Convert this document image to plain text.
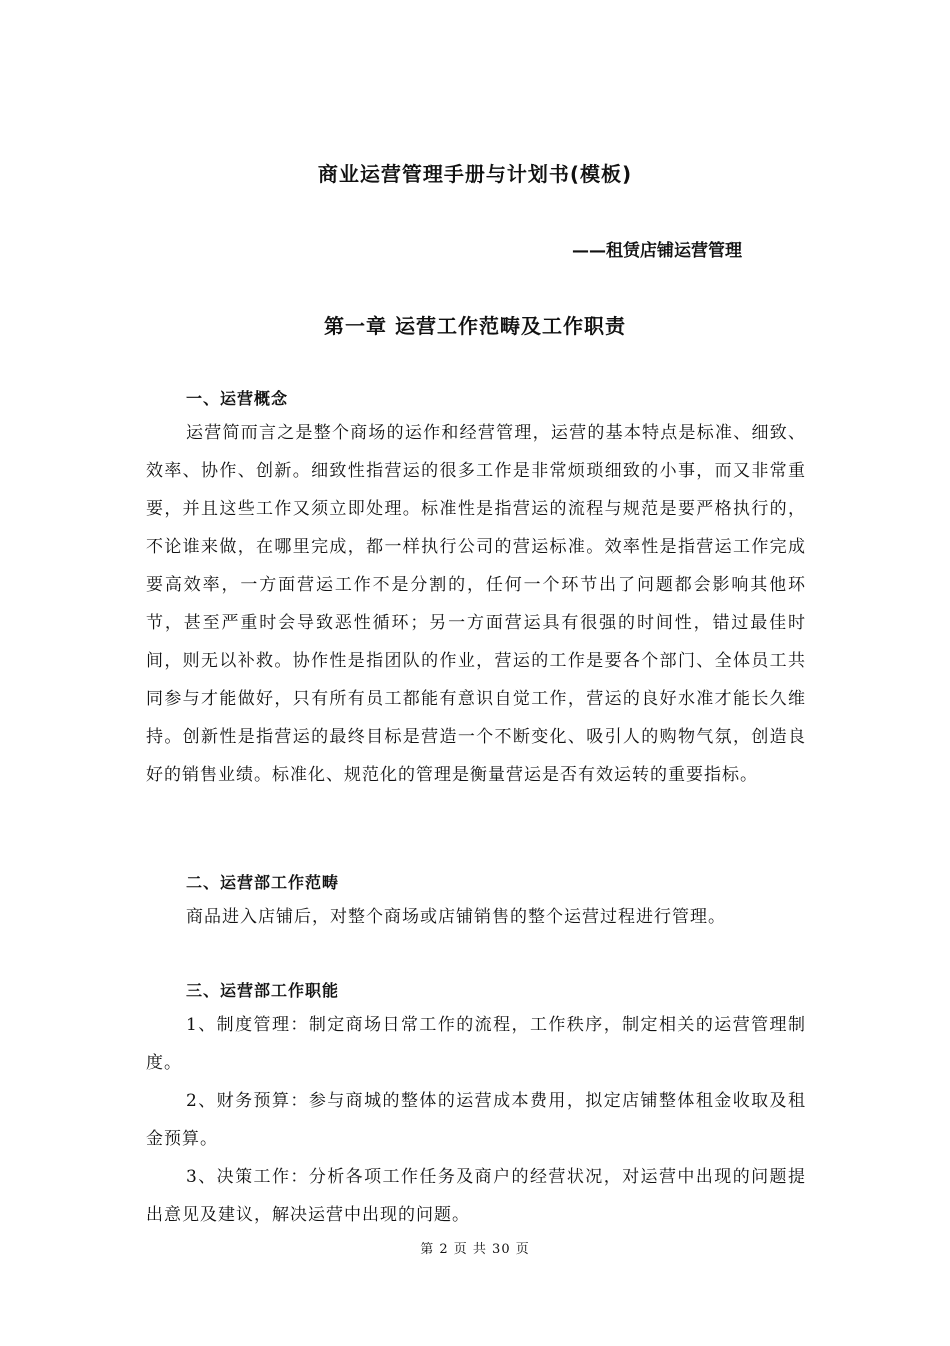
商业运营管理手册与计划书(模板)
——租赁店铺运营管理
第一章 运营工作范畴及工作职责
一、运营概念

运营简而言之是整个商场的运作和经营管理，运营的基本特点是标准、细致、效率、协作、创新。细致性指营运的很多工作是非常烦琐细致的小事，而又非常重要，并且这些工作又须立即处理。标准性是指营运的流程与规范是要严格执行的，不论谁来做，在哪里完成，都一样执行公司的营运标准。效率性是指营运工作完成要高效率，一方面营运工作不是分割的，任何一个环节出了问题都会影响其他环节，甚至严重时会导致恶性循环；另一方面营运具有很强的时间性，错过最佳时间，则无以补救。协作性是指团队的作业，营运的工作是要各个部门、全体员工共同参与才能做好，只有所有员工都能有意识自觉工作，营运的良好水准才能长久维持。创新性是指营运的最终目标是营造一个不断变化、吸引人的购物气氛，创造良好的销售业绩。标准化、规范化的管理是衡量营运是否有效运转的重要指标。

二、运营部工作范畴

商品进入店铺后，对整个商场或店铺销售的整个运营过程进行管理。

三、运营部工作职能

1、制度管理：制定商场日常工作的流程，工作秩序，制定相关的运营管理制度。

2、财务预算：参与商城的整体的运营成本费用，拟定店铺整体租金收取及租金预算。

3、决策工作：分析各项工作任务及商户的经营状况，对运营中出现的问题提出意见及建议，解决运营中出现的问题。

第 2 页 共 30 页
